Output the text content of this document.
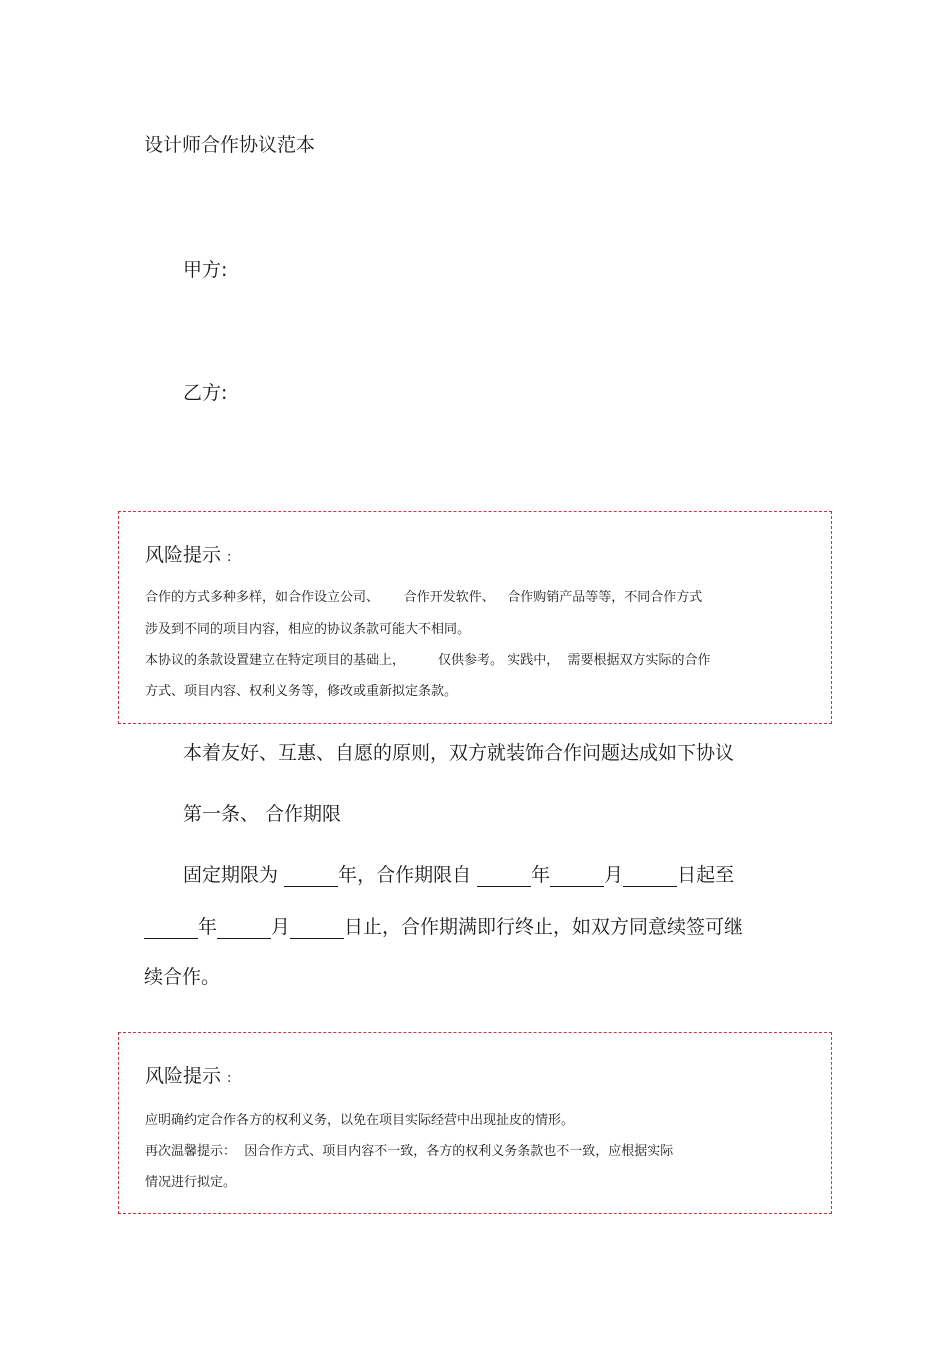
设计师合作协议范本
甲方:
乙方:
风险提示 :
合作的方式多种多样，如合作设立公司、      合作开发软件、   合作购销产品等等，不同合作方式
涉及到不同的项目内容，相应的协议条款可能大不相同。
本协议的条款设置建立在特定项目的基础上，        仅供参考。 实践中，  需要根据双方实际的合作
方式、项目内容、权利义务等，修改或重新拟定条款。
本着友好、互惠、自愿的原则，双方就装饰合作问题达成如下协议
第一条、 合作期限
固定期限为	年，合作期限自	年	月	日起至
年	月	日止，合作期满即行终止，如双方同意续签可继
续合作。
风险提示 :
应明确约定合作各方的权利义务，以免在项目实际经营中出现扯皮的情形。
再次温馨提示：  因合作方式、项目内容不一致，各方的权利义务条款也不一致，应根据实际
情况进行拟定。
